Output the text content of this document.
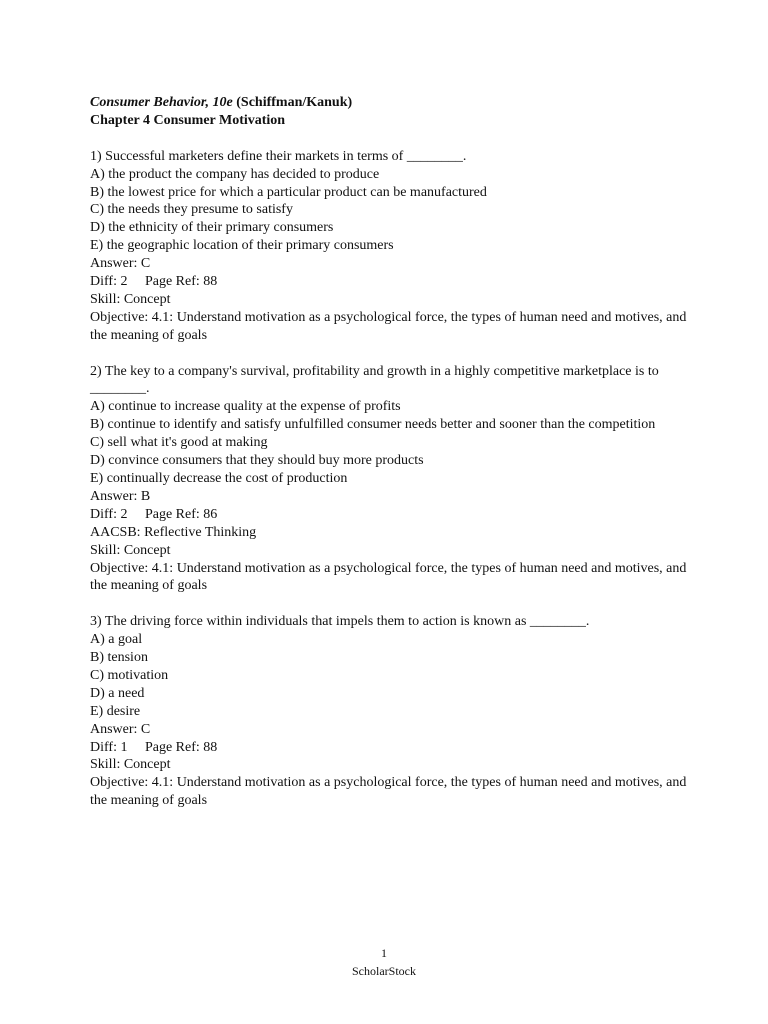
Consumer Behavior, 10e (Schiffman/Kanuk)
Chapter 4 Consumer Motivation
1) Successful marketers define their markets in terms of ________.
A) the product the company has decided to produce
B) the lowest price for which a particular product can be manufactured
C) the needs they presume to satisfy
D) the ethnicity of their primary consumers
E) the geographic location of their primary consumers
Answer: C
Diff: 2     Page Ref: 88
Skill: Concept
Objective: 4.1: Understand motivation as a psychological force, the types of human need and motives, and the meaning of goals
2) The key to a company's survival, profitability and growth in a highly competitive marketplace is to ________.
A) continue to increase quality at the expense of profits
B) continue to identify and satisfy unfulfilled consumer needs better and sooner than the competition
C) sell what it's good at making
D) convince consumers that they should buy more products
E) continually decrease the cost of production
Answer: B
Diff: 2     Page Ref: 86
AACSB: Reflective Thinking
Skill: Concept
Objective: 4.1: Understand motivation as a psychological force, the types of human need and motives, and the meaning of goals
3) The driving force within individuals that impels them to action is known as ________.
A) a goal
B) tension
C) motivation
D) a need
E) desire
Answer: C
Diff: 1     Page Ref: 88
Skill: Concept
Objective: 4.1: Understand motivation as a psychological force, the types of human need and motives, and the meaning of goals
1
ScholarStock
